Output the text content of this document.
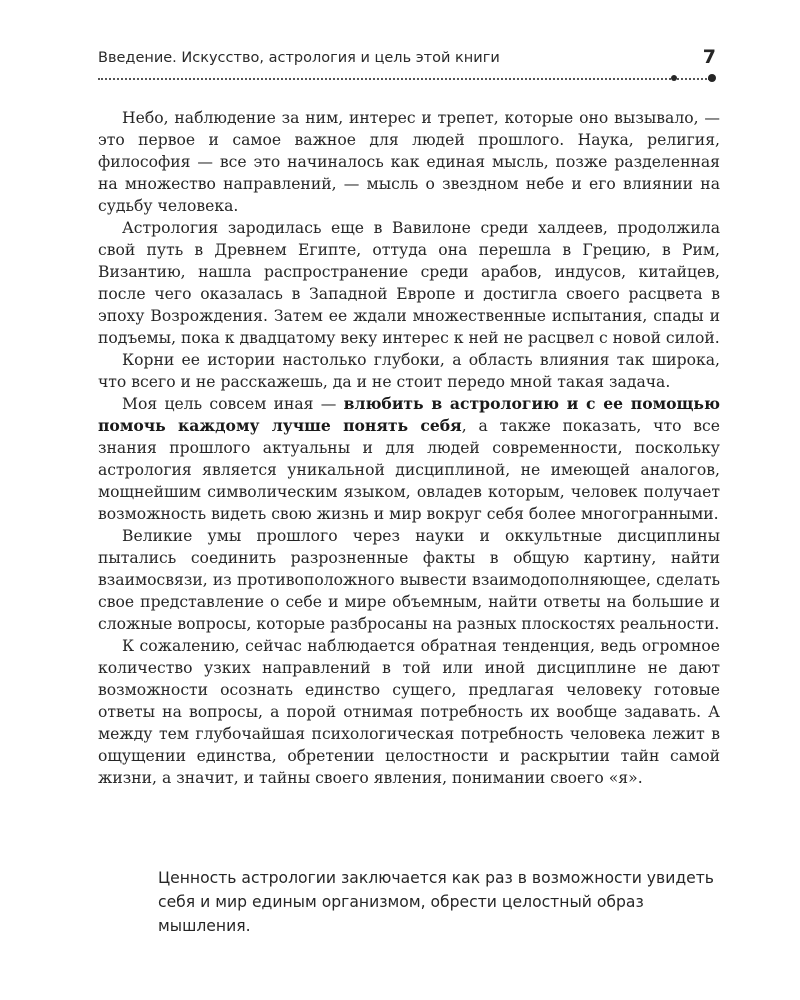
Введение. Искусство, астрология и цель этой книги	7

Небо, наблюдение за ним, интерес и трепет, которые оно вызывало, — это первое и самое важное для людей прошлого. Наука, религия, философия — все это начиналось как единая мысль, позже разделенная на множество направлений, — мысль о звездном небе и его влиянии на судьбу человека.

Астрология зародилась еще в Вавилоне среди халдеев, продолжила свой путь в Древнем Египте, оттуда она перешла в Грецию, в Рим, Византию, нашла распространение среди арабов, индусов, китайцев, после чего оказалась в Западной Европе и достигла своего расцвета в эпоху Возрождения. Затем ее ждали множественные испытания, спады и подъемы, пока к двадцатому веку интерес к ней не расцвел с новой силой.

Корни ее истории настолько глубоки, а область влияния так широка, что всего и не расскажешь, да и не стоит передо мной такая задача.

Моя цель совсем иная — влюбить в астрологию и с ее помощью помочь каждому лучше понять себя, а также показать, что все знания прошлого актуальны и для людей современности, поскольку астрология является уникальной дисциплиной, не имеющей аналогов, мощнейшим символическим языком, овладев которым, человек получает возможность видеть свою жизнь и мир вокруг себя более многогранными.

Великие умы прошлого через науки и оккультные дисциплины пытались соединить разрозненные факты в общую картину, найти взаимосвязи, из противоположного вывести взаимодополняющее, сделать свое представление о себе и мире объемным, найти ответы на большие и сложные вопросы, которые разбросаны на разных плоскостях реальности.

К сожалению, сейчас наблюдается обратная тенденция, ведь огромное количество узких направлений в той или иной дисциплине не дают возможности осознать единство сущего, предлагая человеку готовые ответы на вопросы, а порой отнимая потребность их вообще задавать. А между тем глубочайшая психологическая потребность человека лежит в ощущении единства, обретении целостности и раскрытии тайн самой жизни, а значит, и тайны своего явления, понимании своего «я».

Ценность астрологии заключается как раз в возможности увидеть себя и мир единым организмом, обрести целостный образ мышления.
